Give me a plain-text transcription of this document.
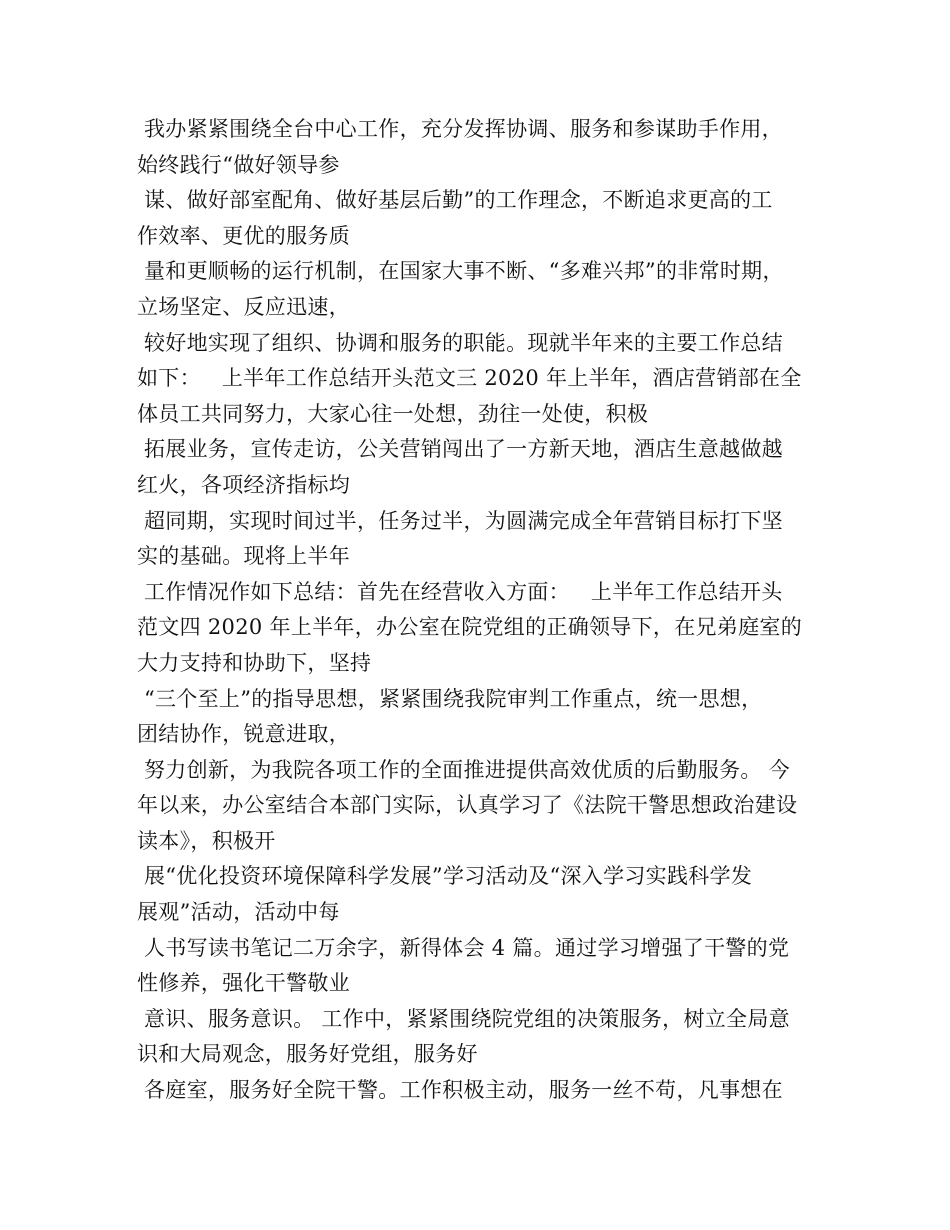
我办紧紧围绕全台中心工作，充分发挥协调、服务和参谋助手作用，
始终践行“做好领导参
谋、做好部室配角、做好基层后勤”的工作理念，不断追求更高的工
作效率、更优的服务质
量和更顺畅的运行机制，在国家大事不断、“多难兴邦”的非常时期，
立场坚定、反应迅速，
较好地实现了组织、协调和服务的职能。现就半年来的主要工作总结
如下：   上半年工作总结开头范文三 2020 年上半年，酒店营销部在全
体员工共同努力，大家心往一处想，劲往一处使，积极
拓展业务，宣传走访，公关营销闯出了一方新天地，酒店生意越做越
红火，各项经济指标均
超同期，实现时间过半，任务过半，为圆满完成全年营销目标打下坚
实的基础。现将上半年
工作情况作如下总结：首先在经营收入方面：   上半年工作总结开头
范文四 2020 年上半年，办公室在院党组的正确领导下，在兄弟庭室的
大力支持和协助下，坚持
“三个至上”的指导思想，紧紧围绕我院审判工作重点，统一思想，
团结协作，锐意进取，
努力创新，为我院各项工作的全面推进提供高效优质的后勤服务。 今
年以来，办公室结合本部门实际，认真学习了《法院干警思想政治建设
读本》，积极开
展“优化投资环境保障科学发展”学习活动及“深入学习实践科学发
展观”活动，活动中每
人书写读书笔记二万余字，新得体会 4 篇。通过学习增强了干警的党
性修养，强化干警敬业
意识、服务意识。 工作中，紧紧围绕院党组的决策服务，树立全局意
识和大局观念，服务好党组，服务好
各庭室，服务好全院干警。工作积极主动，服务一丝不苟，凡事想在
